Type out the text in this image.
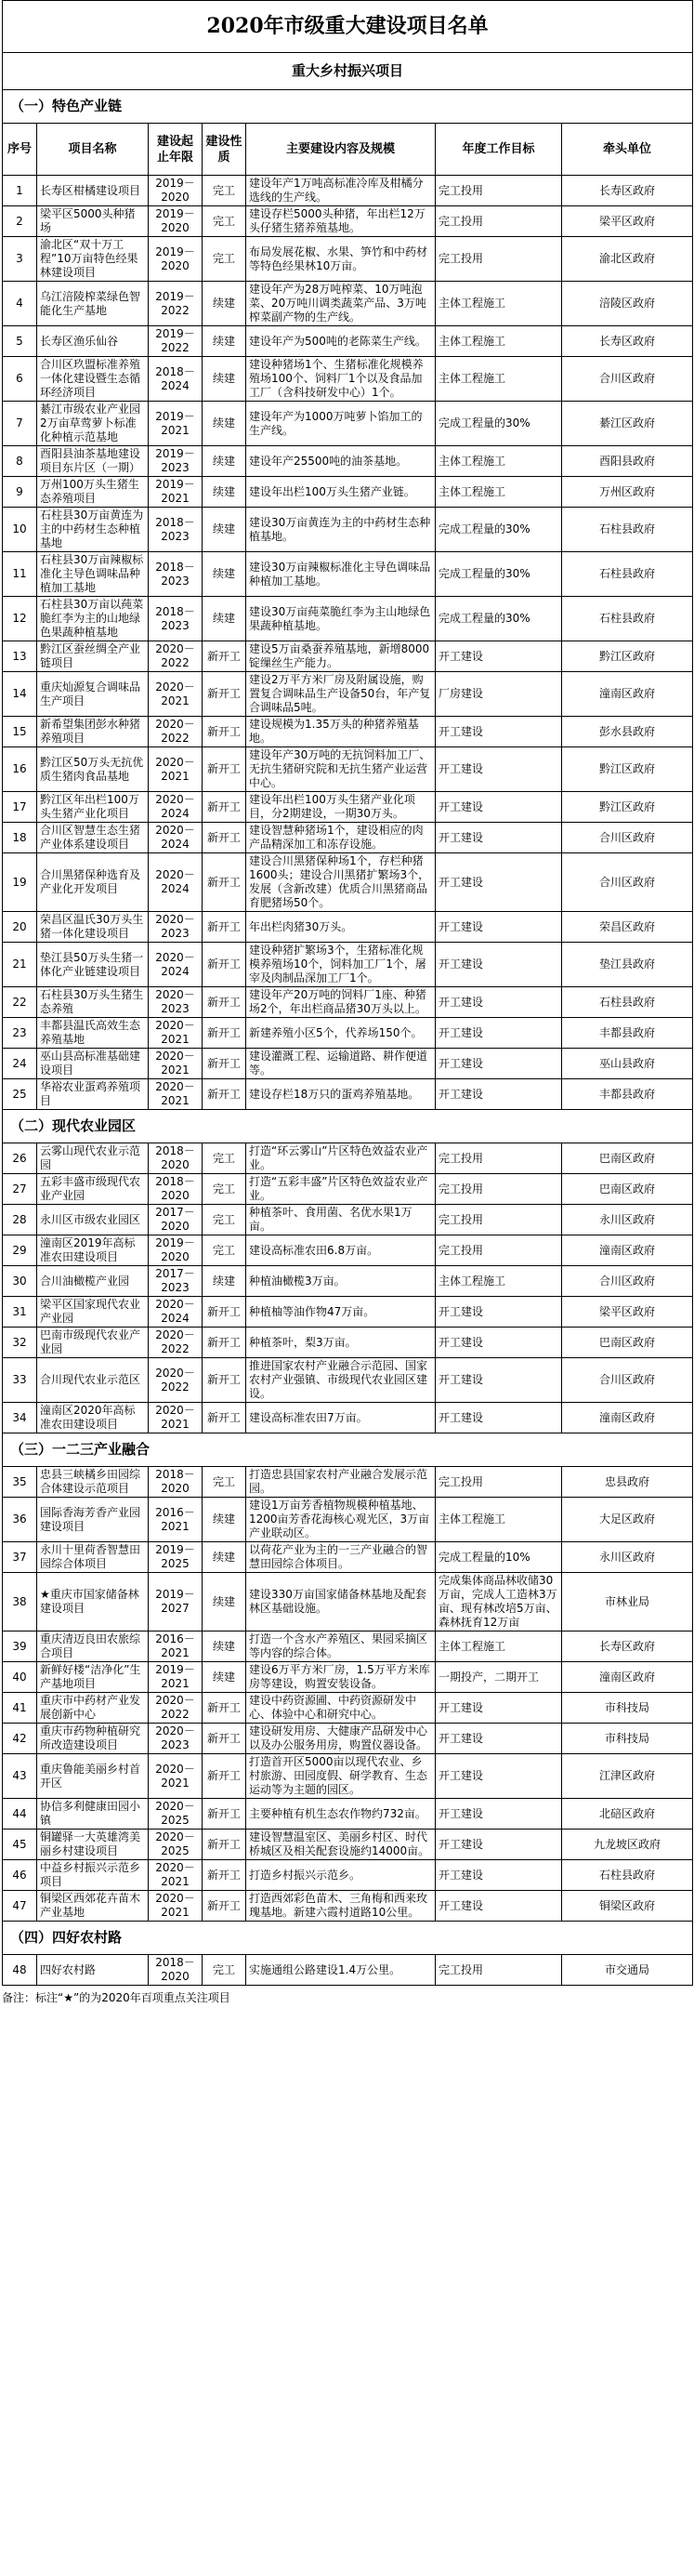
2020年市级重大建设项目名单						
重大乡村振兴项目						
（一）特色产业链						
序号	项目名称	建设起止年限	建设性质	主要建设内容及规模	年度工作目标	牵头单位
1	长寿区柑橘建设项目	2019－2020	完工	建设年产1万吨高标准冷库及柑橘分选线的生产线。	完工投用	长寿区政府
2	梁平区5000头种猪场	2019－2020	完工	建设存栏5000头种猪，年出栏12万头仔猪生猪养殖基地。	完工投用	梁平区政府
3	渝北区“双十万工程”10万亩特色经果林建设项目	2019－2020	完工	布局发展花椒、水果、笋竹和中药材等特色经果林10万亩。	完工投用	渝北区政府
4	乌江涪陵榨菜绿色智能化生产基地	2019－2022	续建	建设年产为28万吨榨菜、10万吨泡菜、20万吨川调类蔬菜产品、3万吨榨菜副产物的生产线。	主体工程施工	涪陵区政府
5	长寿区渔乐仙谷	2019－2022	续建	建设年产为500吨的老陈菜生产线。	主体工程施工	长寿区政府
6	合川区玖盟标准养殖一体化建设暨生态循环经济项目	2018－2024	续建	建设种猪场1个、生猪标准化规模养殖场100个、饲料厂1个以及食品加工厂（含科技研发中心）1个。	主体工程施工	合川区政府
7	綦江市级农业产业园2万亩草莺萝卜标准化种植示范基地	2019－2021	续建	建设年产为1000万吨萝卜馅加工的生产线。	完成工程量的30%	綦江区政府
8	酉阳县油茶基地建设项目东片区（一期）	2019－2023	续建	建设年产25500吨的油茶基地。	主体工程施工	酉阳县政府
9	万州100万头生猪生态养殖项目	2019－2021	续建	建设年出栏100万头生猪产业链。	主体工程施工	万州区政府
10	石柱县30万亩黄连为主的中药材生态种植基地	2018－2023	续建	建设30万亩黄连为主的中药材生态种植基地。	完成工程量的30%	石柱县政府
11	石柱县30万亩辣椒标准化主导色调味品种植加工基地	2018－2023	续建	建设30万亩辣椒标准化主导色调味品种植加工基地。	完成工程量的30%	石柱县政府
12	石柱县30万亩以莼菜脆红李为主的山地绿色果蔬种植基地	2018－2023	续建	建设30万亩莼菜脆红李为主山地绿色果蔬种植基地。	完成工程量的30%	石柱县政府
13	黔江区蚕丝绸全产业链项目	2020－2022	新开工	建设5万亩桑蚕养殖基地，新增8000锭缫丝生产能力。	开工建设	黔江区政府
14	重庆灿源复合调味品生产项目	2020－2021	新开工	建设2万平方米厂房及附属设施，购置复合调味品生产设备50台，年产复合调味品5吨。	厂房建设	潼南区政府
15	新希望集团彭水种猪养殖项目	2020－2022	新开工	建设规模为1.35万头的种猪养殖基地。	开工建设	彭水县政府
16	黔江区50万头无抗优质生猪肉食品基地	2020－2021	新开工	建设年产30万吨的无抗饲料加工厂、无抗生猪研究院和无抗生猪产业运营中心。	开工建设	黔江区政府
17	黔江区年出栏100万头生猪产业化项目	2020－2024	新开工	建设年出栏100万头生猪产业化项目，分2期建设，一期30万头。	开工建设	黔江区政府
18	合川区智慧生态生猪产业体系建设项目	2020－2024	新开工	建设智慧种猪场1个，建设相应的肉产品精深加工和冻存设施。	开工建设	合川区政府
19	合川黑猪保种选育及产业化开发项目	2020－2024	新开工	建设合川黑猪保种场1个，存栏种猪1600头；建设合川黑猪扩繁场3个，发展（含新改建）优质合川黑猪商品育肥猪场50个。	开工建设	合川区政府
20	荣昌区温氏30万头生猪一体化建设项目	2020－2023	新开工	年出栏肉猪30万头。	开工建设	荣昌区政府
21	垫江县50万头生猪一体化产业链建设项目	2020－2024	新开工	建设种猪扩繁场3个，生猪标准化规模养殖场10个，饲料加工厂1个，屠宰及肉制品深加工厂1个。	开工建设	垫江县政府
22	石柱县30万头生猪生态养殖	2020－2023	新开工	建设年产20万吨的饲料厂1座、种猪场2个，年出栏商品猪30万头以上。	开工建设	石柱县政府
23	丰都县温氏高效生态养殖基地	2020－2021	新开工	新建养殖小区5个，代养场150个。	开工建设	丰都县政府
24	巫山县高标准基础建设项目	2020－2021	新开工	建设灌溉工程、运输道路、耕作便道等。	开工建设	巫山县政府
25	华裕农业蛋鸡养殖项目	2020－2021	新开工	建设存栏18万只的蛋鸡养殖基地。	开工建设	丰都县政府
（二）现代农业园区						
26	云雾山现代农业示范园	2018－2020	完工	打造“环云雾山”片区特色效益农业产业。	完工投用	巴南区政府
27	五彩丰盛市级现代农业产业园	2018－2020	完工	打造“五彩丰盛”片区特色效益农业产业。	完工投用	巴南区政府
28	永川区市级农业园区	2017－2020	完工	种植茶叶、食用菌、名优水果1万亩。	完工投用	永川区政府
29	潼南区2019年高标准农田建设项目	2019－2020	完工	建设高标准农田6.8万亩。	完工投用	潼南区政府
30	合川油橄榄产业园	2017－2023	续建	种植油橄榄3万亩。	主体工程施工	合川区政府
31	梁平区国家现代农业产业园	2020－2024	新开工	种植柚等油作物47万亩。	开工建设	梁平区政府
32	巴南市级现代农业产业园	2020－2022	新开工	种植茶叶，梨3万亩。	开工建设	巴南区政府
33	合川现代农业示范区	2020－2022	新开工	推进国家农村产业融合示范园、国家农村产业强镇、市级现代农业园区建设。	开工建设	合川区政府
34	潼南区2020年高标准农田建设项目	2020－2021	新开工	建设高标准农田7万亩。	开工建设	潼南区政府
（三）一二三产业融合						
35	忠县三峡橘乡田园综合体建设示范项目	2018－2020	完工	打造忠县国家农村产业融合发展示范园。	完工投用	忠县政府
36	国际香海芳香产业园建设项目	2016－2021	续建	建设1万亩芳香植物规模种植基地、1200亩芳香花海核心观光区，3万亩产业联动区。	主体工程施工	大足区政府
37	永川十里荷香智慧田园综合体项目	2019－2025	续建	以荷花产业为主的一三产业融合的智慧田园综合体项目。	完成工程量的10%	永川区政府
38	★重庆市国家储备林建设项目	2019－2027	续建	建设330万亩国家储备林基地及配套林区基础设施。	完成集体商品林收储30万亩，完成人工造林3万亩、现有林改培5万亩、森林抚育12万亩	市林业局
39	重庆清迈良田农旅综合项目	2016－2021	续建	打造一个含水产养殖区、果园采摘区等内容的综合体。	主体工程施工	长寿区政府
40	新鲜好楼“洁净化”生产基地项目	2019－2021	续建	建设6万平方米厂房，1.5万平方米库房等建设，购置安装设备。	一期投产，二期开工	潼南区政府
41	重庆市中药材产业发展创新中心	2020－2022	新开工	建设中药资源圃、中药资源研发中心、体验中心和研究中心。	开工建设	市科技局
42	重庆市药物种植研究所改造建设项目	2020－2023	新开工	建设研发用房、大健康产品研发中心以及办公服务用房，购置仪器设备。	开工建设	市科技局
43	重庆鲁能美丽乡村首开区	2020－2021	新开工	打造首开区5000亩以现代农业、乡村旅游、田园度假、研学教育、生态运动等为主题的园区。	开工建设	江津区政府
44	协信多利健康田园小镇	2020－2025	新开工	主要种植有机生态农作物约732亩。	开工建设	北碚区政府
45	铜罐驿一大英雄湾美丽乡村建设项目	2020－2025	新开工	建设智慧温室区、美丽乡村区、时代桥城区及相关配套设施约14000亩。	开工建设	九龙坡区政府
46	中益乡村振兴示范乡项目	2020－2021	新开工	打造乡村振兴示范乡。	开工建设	石柱县政府
47	铜梁区西郊花卉苗木产业基地	2020－2021	新开工	打造西郊彩色苗木、三角梅和西来玫瑰基地。新建六霞村道路10公里。	开工建设	铜梁区政府
（四）四好农村路						
48	四好农村路	2018－2020	完工	实施通组公路建设1.4万公里。	完工投用	市交通局
备注：标注“★”的为2020年百项重点关注项目
